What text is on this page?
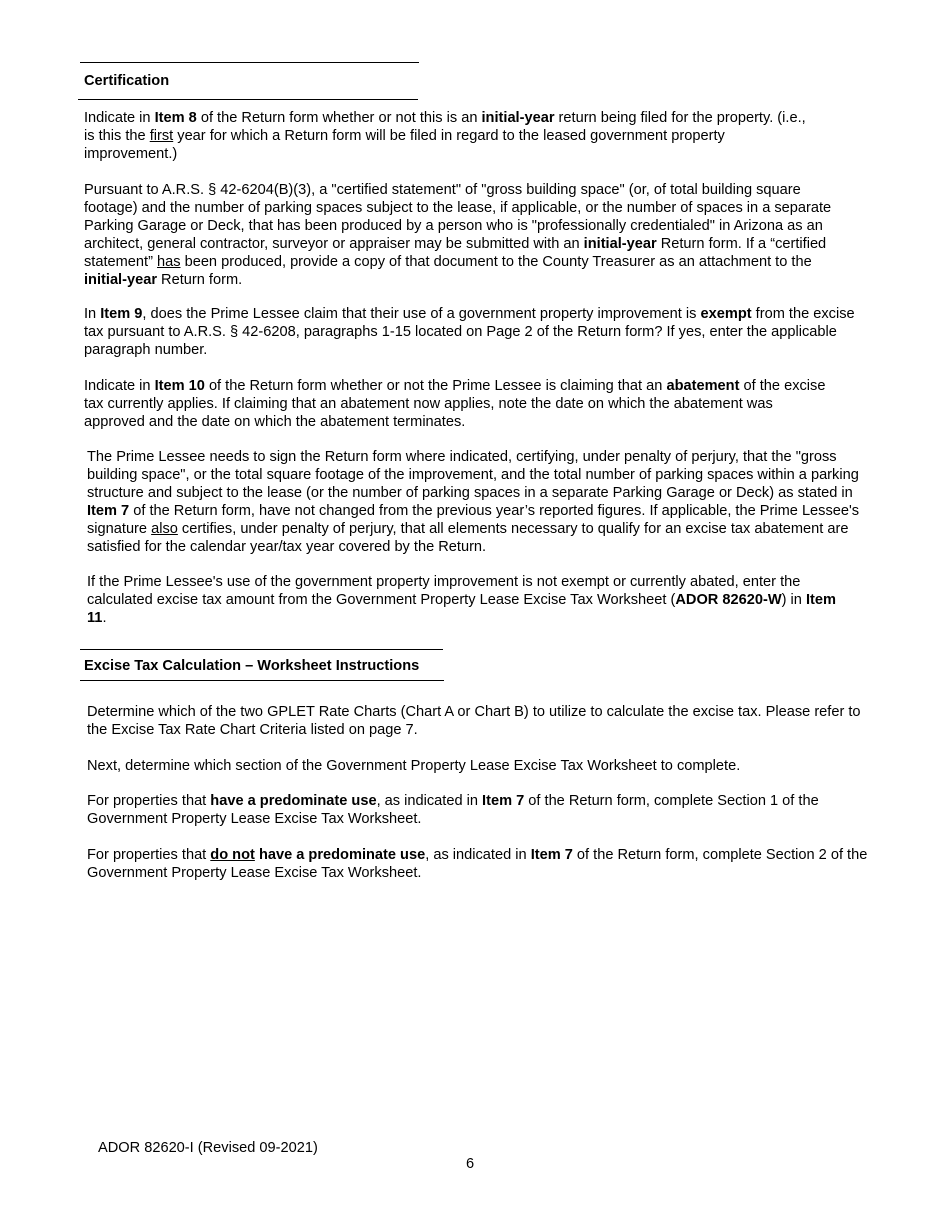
Certification

Indicate in Item 8 of the Return form whether or not this is an initial-year return being filed for the property. (i.e., is this the first year for which a Return form will be filed in regard to the leased government property improvement.)

Pursuant to A.R.S. § 42-6204(B)(3), a "certified statement" of "gross building space" (or, of total building square footage) and the number of parking spaces subject to the lease, if applicable, or the number of spaces in a separate Parking Garage or Deck, that has been produced by a person who is "professionally credentialed" in Arizona as an architect, general contractor, surveyor or appraiser may be submitted with an initial-year Return form. If a “certified statement” has been produced, provide a copy of that document to the County Treasurer as an attachment to the initial-year Return form.

In Item 9, does the Prime Lessee claim that their use of a government property improvement is exempt from the excise tax pursuant to A.R.S. § 42-6208, paragraphs 1-15 located on Page 2 of the Return form? If yes, enter the applicable paragraph number.

Indicate in Item 10 of the Return form whether or not the Prime Lessee is claiming that an abatement of the excise tax currently applies. If claiming that an abatement now applies, note the date on which the abatement was approved and the date on which the abatement terminates.

The Prime Lessee needs to sign the Return form where indicated, certifying, under penalty of perjury, that the "gross building space", or the total square footage of the improvement, and the total number of parking spaces within a parking structure and subject to the lease (or the number of parking spaces in a separate Parking Garage or Deck) as stated in Item 7 of the Return form, have not changed from the previous year’s reported figures. If applicable, the Prime Lessee's signature also certifies, under penalty of perjury, that all elements necessary to qualify for an excise tax abatement are satisfied for the calendar year/tax year covered by the Return.

If the Prime Lessee's use of the government property improvement is not exempt or currently abated, enter the calculated excise tax amount from the Government Property Lease Excise Tax Worksheet (ADOR 82620-W) in Item 11.

Excise Tax Calculation – Worksheet Instructions

Determine which of the two GPLET Rate Charts (Chart A or Chart B) to utilize to calculate the excise tax. Please refer to the Excise Tax Rate Chart Criteria listed on page 7.

Next, determine which section of the Government Property Lease Excise Tax Worksheet to complete.

For properties that have a predominate use, as indicated in Item 7 of the Return form, complete Section 1 of the Government Property Lease Excise Tax Worksheet.

For properties that do not have a predominate use, as indicated in Item 7 of the Return form, complete Section 2 of the Government Property Lease Excise Tax Worksheet.

ADOR 82620-I (Revised 09-2021)
6
